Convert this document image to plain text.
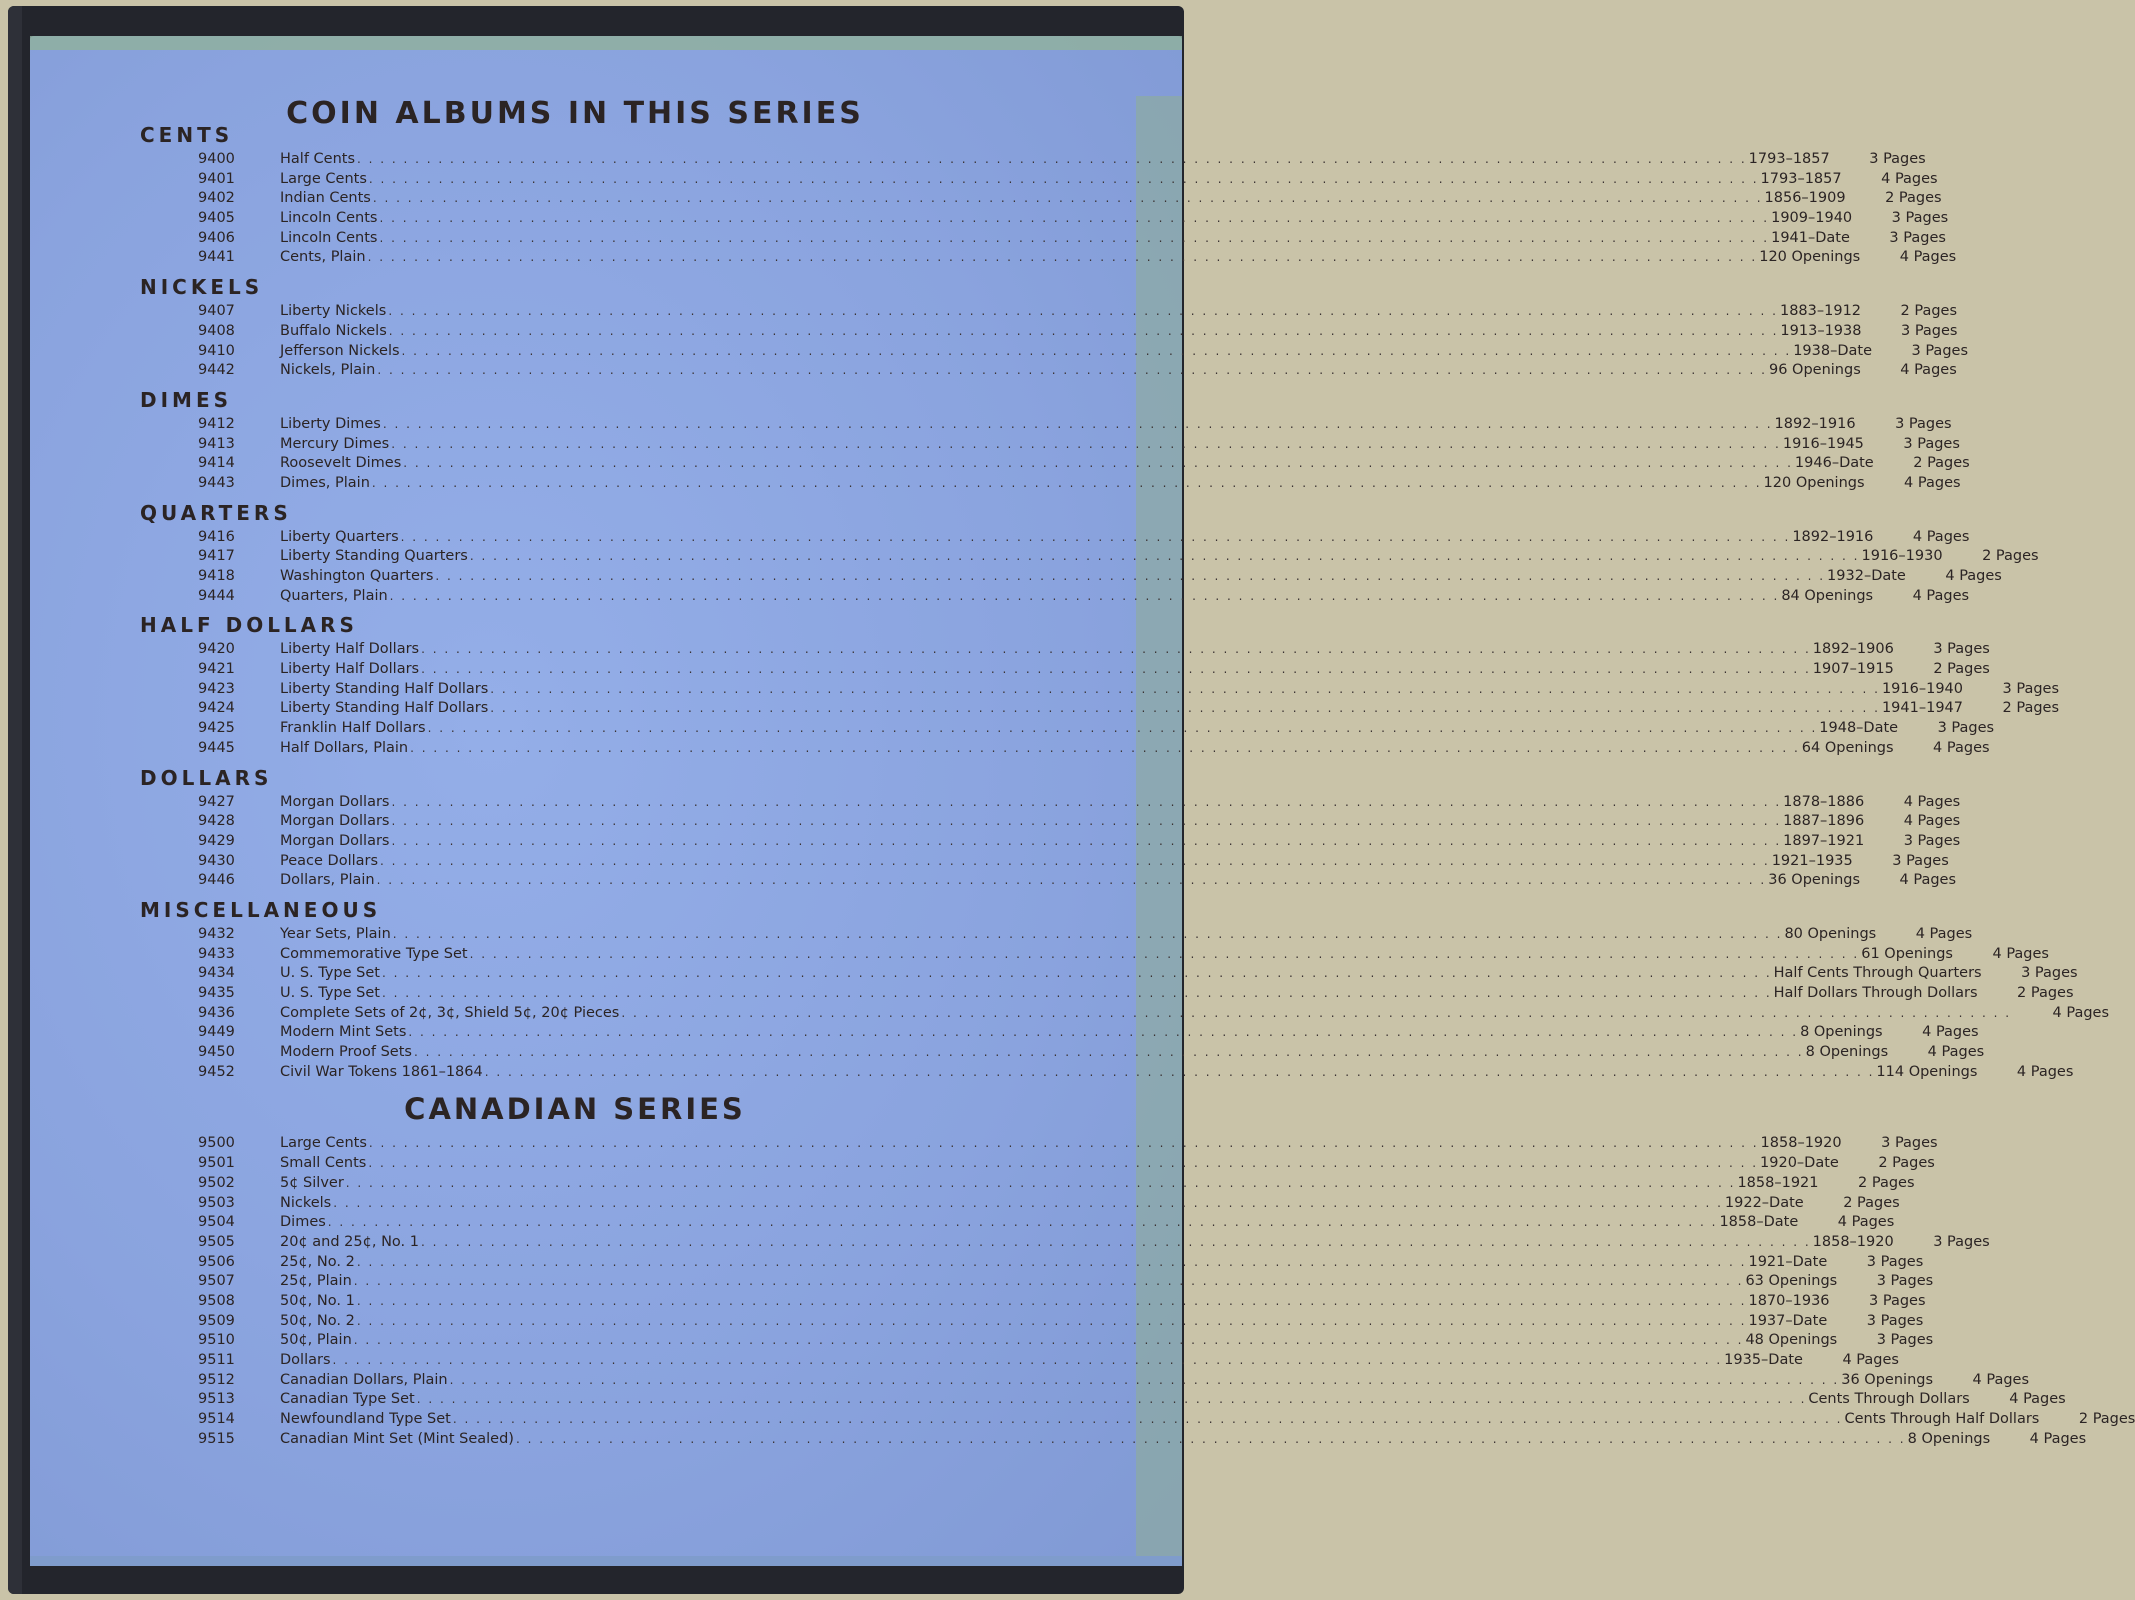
COIN ALBUMS IN THIS SERIES
CENTS
9400	Half Cents . . . . . . . . . . . . . . . . . . . . . . . . . . . . . . . . . . . . . . . . . . . . . . . . . . . . . . . . . . . . . . . . . . . . . . . . . . . . . . . . . . . . . . . . . . . . . . . . . . . . . . . . . . . . . . . . . . . . . . . . 1793–1857	3 Pages
9401	Large Cents . . . . . . . . . . . . . . . . . . . . . . . . . . . . . . . . . . . . . . . . . . . . . . . . . . . . . . . . . . . . . . . . . . . . . . . . . . . . . . . . . . . . . . . . . . . . . . . . . . . . . . . . . . . . . . . . . . . . . . . . 1793–1857	4 Pages
9402	Indian Cents . . . . . . . . . . . . . . . . . . . . . . . . . . . . . . . . . . . . . . . . . . . . . . . . . . . . . . . . . . . . . . . . . . . . . . . . . . . . . . . . . . . . . . . . . . . . . . . . . . . . . . . . . . . . . . . . . . . . . . . . 1856–1909	2 Pages
9405	Lincoln Cents . . . . . . . . . . . . . . . . . . . . . . . . . . . . . . . . . . . . . . . . . . . . . . . . . . . . . . . . . . . . . . . . . . . . . . . . . . . . . . . . . . . . . . . . . . . . . . . . . . . . . . . . . . . . . . . . . . . . . . . . 1909–1940	3 Pages
9406	Lincoln Cents . . . . . . . . . . . . . . . . . . . . . . . . . . . . . . . . . . . . . . . . . . . . . . . . . . . . . . . . . . . . . . . . . . . . . . . . . . . . . . . . . . . . . . . . . . . . . . . . . . . . . . . . . . . . . . . . . . . . . . . . 1941–Date	3 Pages
9441	Cents, Plain . . . . . . . . . . . . . . . . . . . . . . . . . . . . . . . . . . . . . . . . . . . . . . . . . . . . . . . . . . . . . . . . . . . . . . . . . . . . . . . . . . . . . . . . . . . . . . . . . . . . . . . . . . . . . . . . . . . . . . . . 120 Openings	4 Pages
NICKELS
9407	Liberty Nickels . . . . . . . . . . . . . . . . . . . . . . . . . . . . . . . . . . . . . . . . . . . . . . . . . . . . . . . . . . . . . . . . . . . . . . . . . . . . . . . . . . . . . . . . . . . . . . . . . . . . . . . . . . . . . . . . . . . . . . . . 1883–1912	2 Pages
9408	Buffalo Nickels . . . . . . . . . . . . . . . . . . . . . . . . . . . . . . . . . . . . . . . . . . . . . . . . . . . . . . . . . . . . . . . . . . . . . . . . . . . . . . . . . . . . . . . . . . . . . . . . . . . . . . . . . . . . . . . . . . . . . . . . 1913–1938	3 Pages
9410	Jefferson Nickels . . . . . . . . . . . . . . . . . . . . . . . . . . . . . . . . . . . . . . . . . . . . . . . . . . . . . . . . . . . . . . . . . . . . . . . . . . . . . . . . . . . . . . . . . . . . . . . . . . . . . . . . . . . . . . . . . . . . . . . . 1938–Date	3 Pages
9442	Nickels, Plain . . . . . . . . . . . . . . . . . . . . . . . . . . . . . . . . . . . . . . . . . . . . . . . . . . . . . . . . . . . . . . . . . . . . . . . . . . . . . . . . . . . . . . . . . . . . . . . . . . . . . . . . . . . . . . . . . . . . . . . . 96 Openings	4 Pages
DIMES
9412	Liberty Dimes . . . . . . . . . . . . . . . . . . . . . . . . . . . . . . . . . . . . . . . . . . . . . . . . . . . . . . . . . . . . . . . . . . . . . . . . . . . . . . . . . . . . . . . . . . . . . . . . . . . . . . . . . . . . . . . . . . . . . . . . 1892–1916	3 Pages
9413	Mercury Dimes . . . . . . . . . . . . . . . . . . . . . . . . . . . . . . . . . . . . . . . . . . . . . . . . . . . . . . . . . . . . . . . . . . . . . . . . . . . . . . . . . . . . . . . . . . . . . . . . . . . . . . . . . . . . . . . . . . . . . . . . 1916–1945	3 Pages
9414	Roosevelt Dimes . . . . . . . . . . . . . . . . . . . . . . . . . . . . . . . . . . . . . . . . . . . . . . . . . . . . . . . . . . . . . . . . . . . . . . . . . . . . . . . . . . . . . . . . . . . . . . . . . . . . . . . . . . . . . . . . . . . . . . . . 1946–Date	2 Pages
9443	Dimes, Plain . . . . . . . . . . . . . . . . . . . . . . . . . . . . . . . . . . . . . . . . . . . . . . . . . . . . . . . . . . . . . . . . . . . . . . . . . . . . . . . . . . . . . . . . . . . . . . . . . . . . . . . . . . . . . . . . . . . . . . . . 120 Openings	4 Pages
QUARTERS
9416	Liberty Quarters . . . . . . . . . . . . . . . . . . . . . . . . . . . . . . . . . . . . . . . . . . . . . . . . . . . . . . . . . . . . . . . . . . . . . . . . . . . . . . . . . . . . . . . . . . . . . . . . . . . . . . . . . . . . . . . . . . . . . . . . 1892–1916	4 Pages
9417	Liberty Standing Quarters . . . . . . . . . . . . . . . . . . . . . . . . . . . . . . . . . . . . . . . . . . . . . . . . . . . . . . . . . . . . . . . . . . . . . . . . . . . . . . . . . . . . . . . . . . . . . . . . . . . . . . . . . . . . . . . . . . . . . . . . 1916–1930	2 Pages
9418	Washington Quarters . . . . . . . . . . . . . . . . . . . . . . . . . . . . . . . . . . . . . . . . . . . . . . . . . . . . . . . . . . . . . . . . . . . . . . . . . . . . . . . . . . . . . . . . . . . . . . . . . . . . . . . . . . . . . . . . . . . . . . . . 1932–Date	4 Pages
9444	Quarters, Plain . . . . . . . . . . . . . . . . . . . . . . . . . . . . . . . . . . . . . . . . . . . . . . . . . . . . . . . . . . . . . . . . . . . . . . . . . . . . . . . . . . . . . . . . . . . . . . . . . . . . . . . . . . . . . . . . . . . . . . . . 84 Openings	4 Pages
HALF DOLLARS
9420	Liberty Half Dollars . . . . . . . . . . . . . . . . . . . . . . . . . . . . . . . . . . . . . . . . . . . . . . . . . . . . . . . . . . . . . . . . . . . . . . . . . . . . . . . . . . . . . . . . . . . . . . . . . . . . . . . . . . . . . . . . . . . . . . . . 1892–1906	3 Pages
9421	Liberty Half Dollars . . . . . . . . . . . . . . . . . . . . . . . . . . . . . . . . . . . . . . . . . . . . . . . . . . . . . . . . . . . . . . . . . . . . . . . . . . . . . . . . . . . . . . . . . . . . . . . . . . . . . . . . . . . . . . . . . . . . . . . . 1907–1915	2 Pages
9423	Liberty Standing Half Dollars . . . . . . . . . . . . . . . . . . . . . . . . . . . . . . . . . . . . . . . . . . . . . . . . . . . . . . . . . . . . . . . . . . . . . . . . . . . . . . . . . . . . . . . . . . . . . . . . . . . . . . . . . . . . . . . . . . . . . . . . 1916–1940	3 Pages
9424	Liberty Standing Half Dollars . . . . . . . . . . . . . . . . . . . . . . . . . . . . . . . . . . . . . . . . . . . . . . . . . . . . . . . . . . . . . . . . . . . . . . . . . . . . . . . . . . . . . . . . . . . . . . . . . . . . . . . . . . . . . . . . . . . . . . . . 1941–1947	2 Pages
9425	Franklin Half Dollars . . . . . . . . . . . . . . . . . . . . . . . . . . . . . . . . . . . . . . . . . . . . . . . . . . . . . . . . . . . . . . . . . . . . . . . . . . . . . . . . . . . . . . . . . . . . . . . . . . . . . . . . . . . . . . . . . . . . . . . . 1948–Date	3 Pages
9445	Half Dollars, Plain . . . . . . . . . . . . . . . . . . . . . . . . . . . . . . . . . . . . . . . . . . . . . . . . . . . . . . . . . . . . . . . . . . . . . . . . . . . . . . . . . . . . . . . . . . . . . . . . . . . . . . . . . . . . . . . . . . . . . . . . 64 Openings	4 Pages
DOLLARS
9427	Morgan Dollars . . . . . . . . . . . . . . . . . . . . . . . . . . . . . . . . . . . . . . . . . . . . . . . . . . . . . . . . . . . . . . . . . . . . . . . . . . . . . . . . . . . . . . . . . . . . . . . . . . . . . . . . . . . . . . . . . . . . . . . . 1878–1886	4 Pages
9428	Morgan Dollars . . . . . . . . . . . . . . . . . . . . . . . . . . . . . . . . . . . . . . . . . . . . . . . . . . . . . . . . . . . . . . . . . . . . . . . . . . . . . . . . . . . . . . . . . . . . . . . . . . . . . . . . . . . . . . . . . . . . . . . . 1887–1896	4 Pages
9429	Morgan Dollars . . . . . . . . . . . . . . . . . . . . . . . . . . . . . . . . . . . . . . . . . . . . . . . . . . . . . . . . . . . . . . . . . . . . . . . . . . . . . . . . . . . . . . . . . . . . . . . . . . . . . . . . . . . . . . . . . . . . . . . . 1897–1921	3 Pages
9430	Peace Dollars . . . . . . . . . . . . . . . . . . . . . . . . . . . . . . . . . . . . . . . . . . . . . . . . . . . . . . . . . . . . . . . . . . . . . . . . . . . . . . . . . . . . . . . . . . . . . . . . . . . . . . . . . . . . . . . . . . . . . . . . 1921–1935	3 Pages
9446	Dollars, Plain . . . . . . . . . . . . . . . . . . . . . . . . . . . . . . . . . . . . . . . . . . . . . . . . . . . . . . . . . . . . . . . . . . . . . . . . . . . . . . . . . . . . . . . . . . . . . . . . . . . . . . . . . . . . . . . . . . . . . . . . 36 Openings	4 Pages
MISCELLANEOUS
9432	Year Sets, Plain . . . . . . . . . . . . . . . . . . . . . . . . . . . . . . . . . . . . . . . . . . . . . . . . . . . . . . . . . . . . . . . . . . . . . . . . . . . . . . . . . . . . . . . . . . . . . . . . . . . . . . . . . . . . . . . . . . . . . . . . 80 Openings	4 Pages
9433	Commemorative Type Set . . . . . . . . . . . . . . . . . . . . . . . . . . . . . . . . . . . . . . . . . . . . . . . . . . . . . . . . . . . . . . . . . . . . . . . . . . . . . . . . . . . . . . . . . . . . . . . . . . . . . . . . . . . . . . . . . . . . . . . . 61 Openings	4 Pages
9434	U. S. Type Set . . . . . . . . . . . . . . . . . . . . . . . . . . . . . . . . . . . . . . . . . . . . . . . . . . . . . . . . . . . . . . . . . . . . . . . . . . . . . . . . . . . . . . . . . . . . . . . . . . . . . . . . . . . . . . . . . . . . . . . . Half Cents Through Quarters	3 Pages
9435	U. S. Type Set . . . . . . . . . . . . . . . . . . . . . . . . . . . . . . . . . . . . . . . . . . . . . . . . . . . . . . . . . . . . . . . . . . . . . . . . . . . . . . . . . . . . . . . . . . . . . . . . . . . . . . . . . . . . . . . . . . . . . . . . Half Dollars Through Dollars	2 Pages
9436	Complete Sets of 2¢, 3¢, Shield 5¢, 20¢ Pieces . . . . . . . . . . . . . . . . . . . . . . . . . . . . . . . . . . . . . . . . . . . . . . . . . . . . . . . . . . . . . . . . . . . . . . . . . . . . . . . . . . . . . . . . . . . . . . . . . . . . . . . . . . . . . . . . . . . . . . . .	4 Pages
9449	Modern Mint Sets . . . . . . . . . . . . . . . . . . . . . . . . . . . . . . . . . . . . . . . . . . . . . . . . . . . . . . . . . . . . . . . . . . . . . . . . . . . . . . . . . . . . . . . . . . . . . . . . . . . . . . . . . . . . . . . . . . . . . . . . 8 Openings	4 Pages
9450	Modern Proof Sets . . . . . . . . . . . . . . . . . . . . . . . . . . . . . . . . . . . . . . . . . . . . . . . . . . . . . . . . . . . . . . . . . . . . . . . . . . . . . . . . . . . . . . . . . . . . . . . . . . . . . . . . . . . . . . . . . . . . . . . . 8 Openings	4 Pages
9452	Civil War Tokens 1861–1864 . . . . . . . . . . . . . . . . . . . . . . . . . . . . . . . . . . . . . . . . . . . . . . . . . . . . . . . . . . . . . . . . . . . . . . . . . . . . . . . . . . . . . . . . . . . . . . . . . . . . . . . . . . . . . . . . . . . . . . . . 114 Openings	4 Pages
CANADIAN SERIES
9500	Large Cents . . . . . . . . . . . . . . . . . . . . . . . . . . . . . . . . . . . . . . . . . . . . . . . . . . . . . . . . . . . . . . . . . . . . . . . . . . . . . . . . . . . . . . . . . . . . . . . . . . . . . . . . . . . . . . . . . . . . . . . . 1858–1920	3 Pages
9501	Small Cents . . . . . . . . . . . . . . . . . . . . . . . . . . . . . . . . . . . . . . . . . . . . . . . . . . . . . . . . . . . . . . . . . . . . . . . . . . . . . . . . . . . . . . . . . . . . . . . . . . . . . . . . . . . . . . . . . . . . . . . . 1920–Date	2 Pages
9502	5¢ Silver . . . . . . . . . . . . . . . . . . . . . . . . . . . . . . . . . . . . . . . . . . . . . . . . . . . . . . . . . . . . . . . . . . . . . . . . . . . . . . . . . . . . . . . . . . . . . . . . . . . . . . . . . . . . . . . . . . . . . . . . 1858–1921	2 Pages
9503	Nickels . . . . . . . . . . . . . . . . . . . . . . . . . . . . . . . . . . . . . . . . . . . . . . . . . . . . . . . . . . . . . . . . . . . . . . . . . . . . . . . . . . . . . . . . . . . . . . . . . . . . . . . . . . . . . . . . . . . . . . . . 1922–Date	2 Pages
9504	Dimes . . . . . . . . . . . . . . . . . . . . . . . . . . . . . . . . . . . . . . . . . . . . . . . . . . . . . . . . . . . . . . . . . . . . . . . . . . . . . . . . . . . . . . . . . . . . . . . . . . . . . . . . . . . . . . . . . . . . . . . . 1858–Date	4 Pages
9505	20¢ and 25¢, No. 1 . . . . . . . . . . . . . . . . . . . . . . . . . . . . . . . . . . . . . . . . . . . . . . . . . . . . . . . . . . . . . . . . . . . . . . . . . . . . . . . . . . . . . . . . . . . . . . . . . . . . . . . . . . . . . . . . . . . . . . . . 1858–1920	3 Pages
9506	25¢, No. 2 . . . . . . . . . . . . . . . . . . . . . . . . . . . . . . . . . . . . . . . . . . . . . . . . . . . . . . . . . . . . . . . . . . . . . . . . . . . . . . . . . . . . . . . . . . . . . . . . . . . . . . . . . . . . . . . . . . . . . . . . 1921–Date	3 Pages
9507	25¢, Plain . . . . . . . . . . . . . . . . . . . . . . . . . . . . . . . . . . . . . . . . . . . . . . . . . . . . . . . . . . . . . . . . . . . . . . . . . . . . . . . . . . . . . . . . . . . . . . . . . . . . . . . . . . . . . . . . . . . . . . . . 63 Openings	3 Pages
9508	50¢, No. 1 . . . . . . . . . . . . . . . . . . . . . . . . . . . . . . . . . . . . . . . . . . . . . . . . . . . . . . . . . . . . . . . . . . . . . . . . . . . . . . . . . . . . . . . . . . . . . . . . . . . . . . . . . . . . . . . . . . . . . . . . 1870–1936	3 Pages
9509	50¢, No. 2 . . . . . . . . . . . . . . . . . . . . . . . . . . . . . . . . . . . . . . . . . . . . . . . . . . . . . . . . . . . . . . . . . . . . . . . . . . . . . . . . . . . . . . . . . . . . . . . . . . . . . . . . . . . . . . . . . . . . . . . . 1937–Date	3 Pages
9510	50¢, Plain . . . . . . . . . . . . . . . . . . . . . . . . . . . . . . . . . . . . . . . . . . . . . . . . . . . . . . . . . . . . . . . . . . . . . . . . . . . . . . . . . . . . . . . . . . . . . . . . . . . . . . . . . . . . . . . . . . . . . . . . 48 Openings	3 Pages
9511	Dollars . . . . . . . . . . . . . . . . . . . . . . . . . . . . . . . . . . . . . . . . . . . . . . . . . . . . . . . . . . . . . . . . . . . . . . . . . . . . . . . . . . . . . . . . . . . . . . . . . . . . . . . . . . . . . . . . . . . . . . . . 1935–Date	4 Pages
9512	Canadian Dollars, Plain . . . . . . . . . . . . . . . . . . . . . . . . . . . . . . . . . . . . . . . . . . . . . . . . . . . . . . . . . . . . . . . . . . . . . . . . . . . . . . . . . . . . . . . . . . . . . . . . . . . . . . . . . . . . . . . . . . . . . . . . 36 Openings	4 Pages
9513	Canadian Type Set . . . . . . . . . . . . . . . . . . . . . . . . . . . . . . . . . . . . . . . . . . . . . . . . . . . . . . . . . . . . . . . . . . . . . . . . . . . . . . . . . . . . . . . . . . . . . . . . . . . . . . . . . . . . . . . . . . . . . . . . Cents Through Dollars	4 Pages
9514	Newfoundland Type Set . . . . . . . . . . . . . . . . . . . . . . . . . . . . . . . . . . . . . . . . . . . . . . . . . . . . . . . . . . . . . . . . . . . . . . . . . . . . . . . . . . . . . . . . . . . . . . . . . . . . . . . . . . . . . . . . . . . . . . . . Cents Through Half Dollars	2 Pages
9515	Canadian Mint Set (Mint Sealed) . . . . . . . . . . . . . . . . . . . . . . . . . . . . . . . . . . . . . . . . . . . . . . . . . . . . . . . . . . . . . . . . . . . . . . . . . . . . . . . . . . . . . . . . . . . . . . . . . . . . . . . . . . . . . . . . . . . . . . . . 8 Openings	4 Pages
